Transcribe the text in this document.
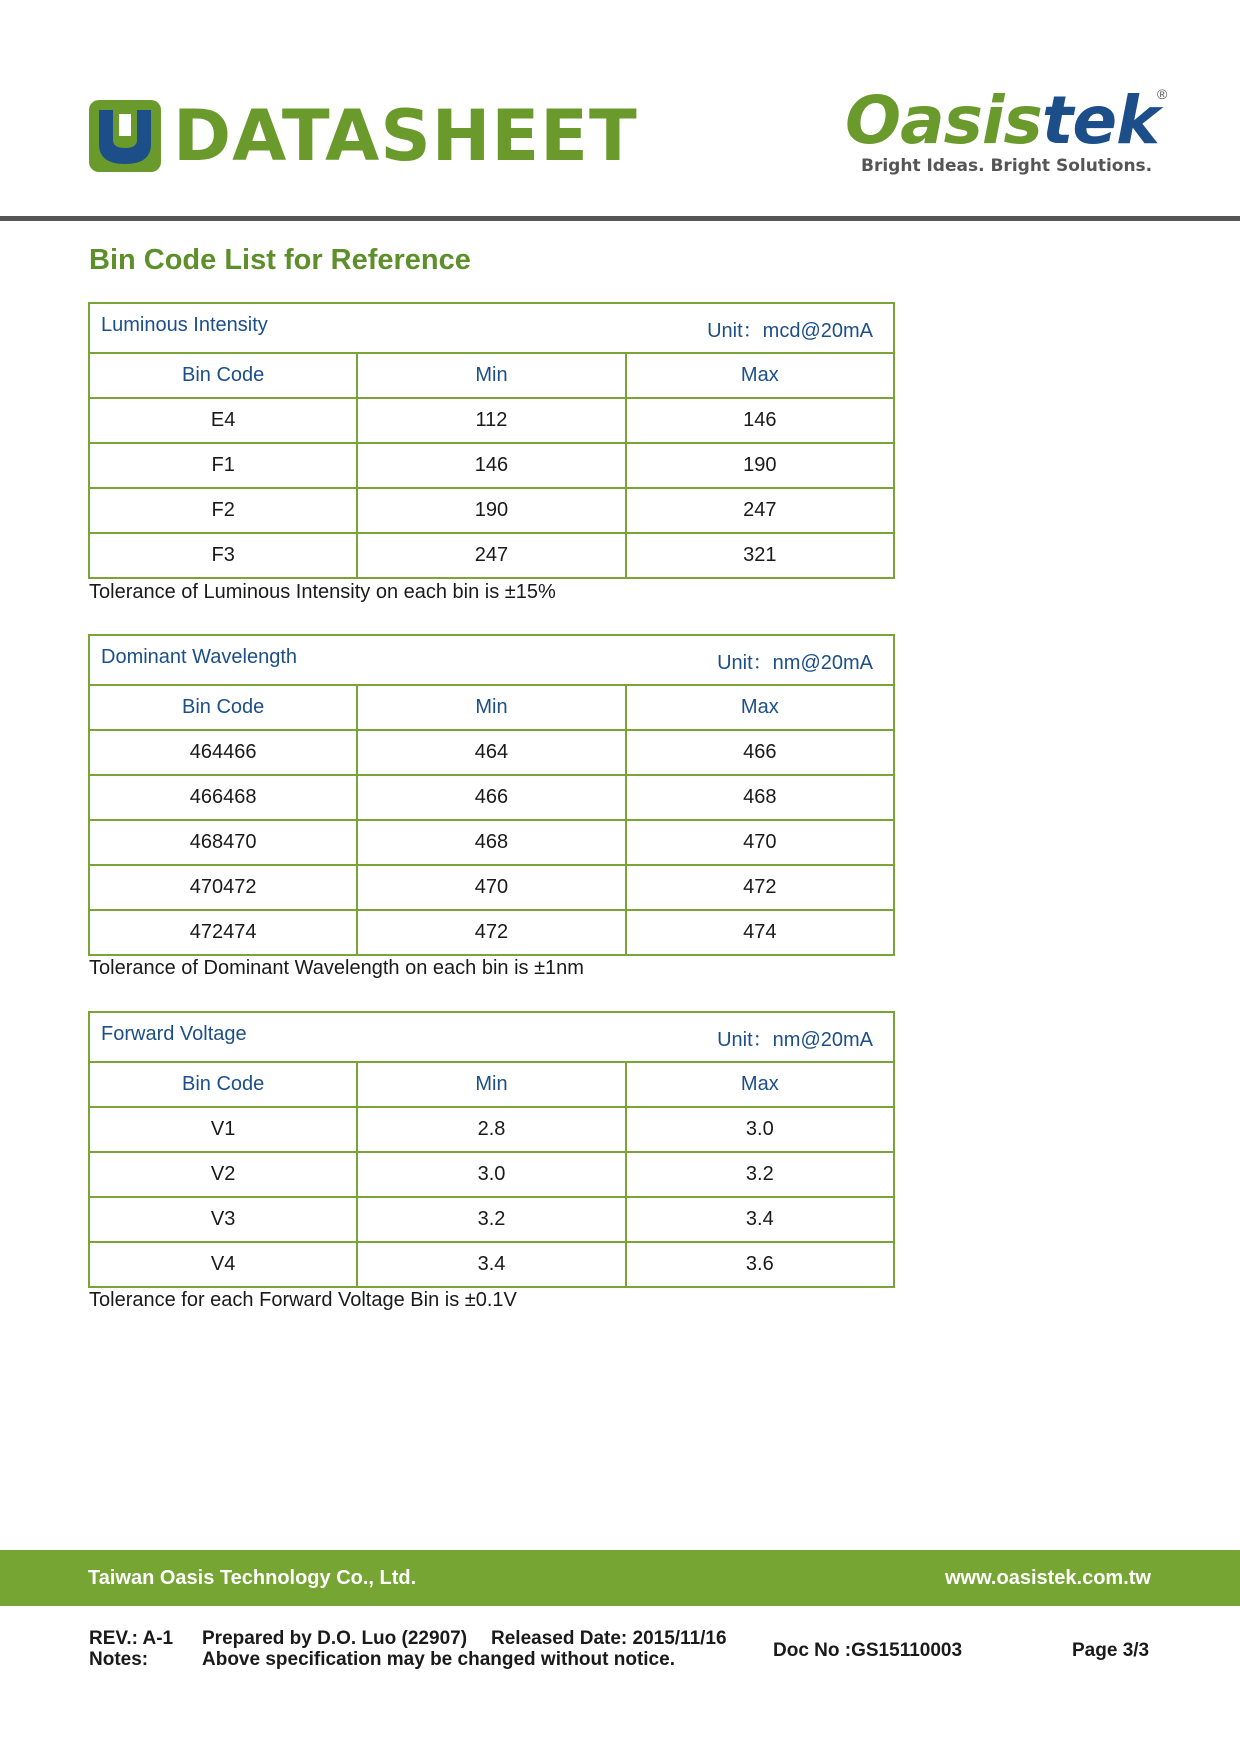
DATASHEET	Oasistek
®
Bright Ideas. Bright Solutions.
Bin Code List for Reference
Luminous Intensity Unit：mcd@20mA		

Bin Code	Min	Max
E4	112	146
F1	146	190
F2	190	247
F3	247	321
Tolerance of Luminous Intensity on each bin is ±15%
Dominant Wavelength Unit：nm@20mA		

Bin Code	Min	Max
464466	464	466
466468	466	468
468470	468	470
470472	470	472
472474	472	474
Tolerance of Dominant Wavelength on each bin is ±1nm
Forward Voltage Unit：nm@20mA		

Bin Code	Min	Max
V1	2.8	3.0
V2	3.0	3.2
V3	3.2	3.4
V4	3.4	3.6
Tolerance for each Forward Voltage Bin is ±0.1V
Taiwan Oasis Technology Co., Ltd.	www.oasistek.com.tw
REV.: A-1 Prepared by D.O. Luo (22907) Released Date: 2015/11/16
Notes:	Above specification may be changed without notice.	Doc No :GS15110003	Page 3/3
